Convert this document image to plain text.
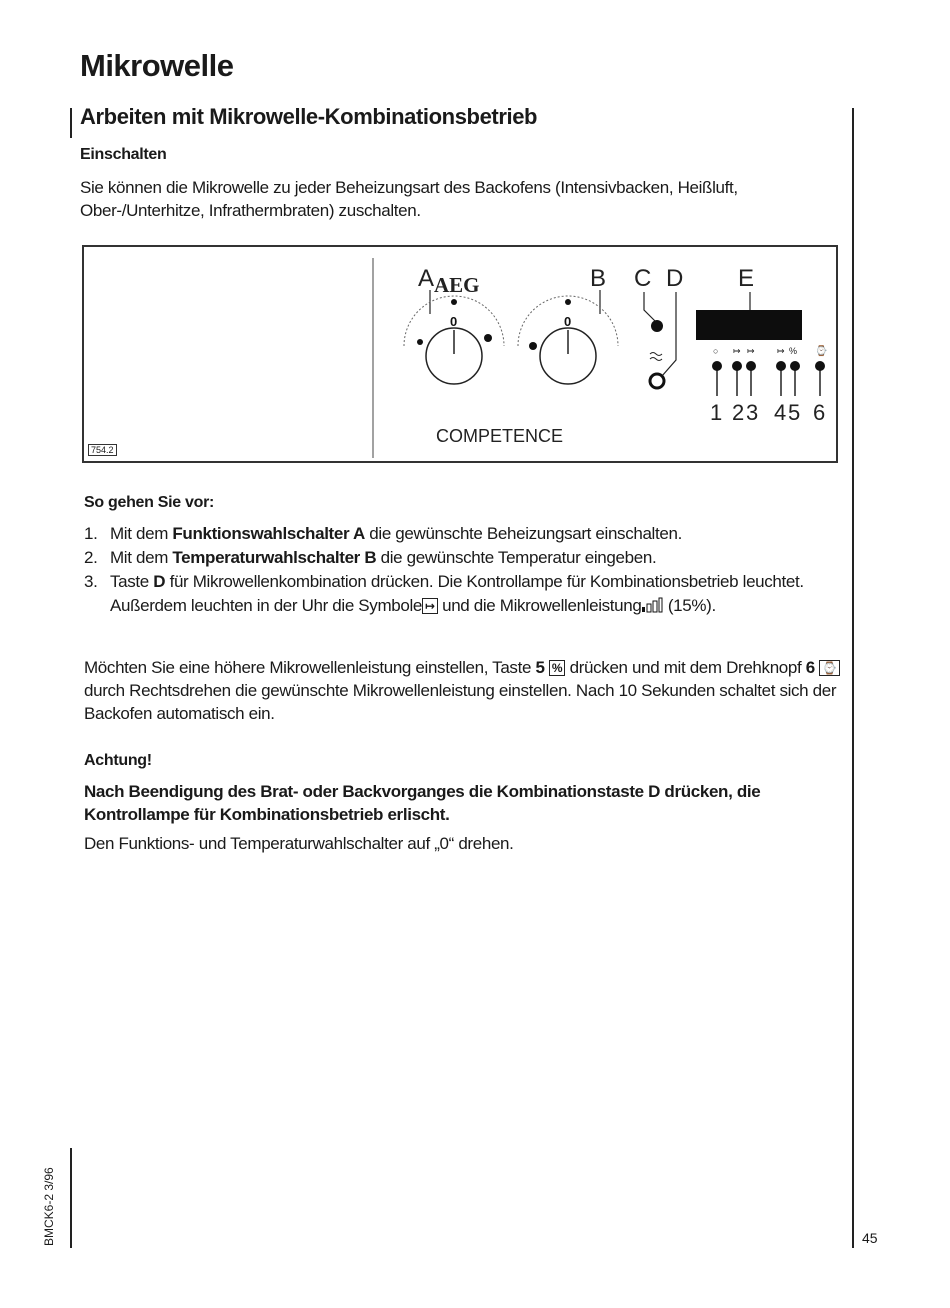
Mikrowelle
Arbeiten mit Mikrowelle-Kombinationsbetrieb
Einschalten
Sie können die Mikrowelle zu jeder Beheizungsart des Backofens (Intensivbacken, Heißluft,
Ober-/Unterhitze, Infrathermbraten) zuschalten.
754.2
A AEG	B C D E
0	0
○ ↦ ↦ ↦ % ⌚
1 2 3 4 5 6
COMPETENCE
So gehen Sie vor:
1. Mit dem Funktionswahlschalter A die gewünschte Beheizungsart einschalten.
2. Mit dem Temperaturwahlschalter B die gewünschte Temperatur eingeben.
3. Taste D für Mikrowellenkombination drücken. Die Kontrollampe für Kombinationsbetrieb leuchtet. Außerdem leuchten in der Uhr die Symbole ↦ und die Mikrowellenleistung (15%).
Möchten Sie eine höhere Mikrowellenleistung einstellen, Taste 5 % drücken und mit dem Drehknopf 6 ⌚ durch Rechtsdrehen die gewünschte Mikrowellenleistung einstellen. Nach 10 Sekunden schaltet sich der Backofen automatisch ein.
Achtung!
Nach Beendigung des Brat- oder Backvorganges die Kombinationstaste D drücken, die Kontrollampe für Kombinationsbetrieb erlischt.
Den Funktions- und Temperaturwahlschalter auf „0“ drehen.
BMCK6-2 3/96	45
